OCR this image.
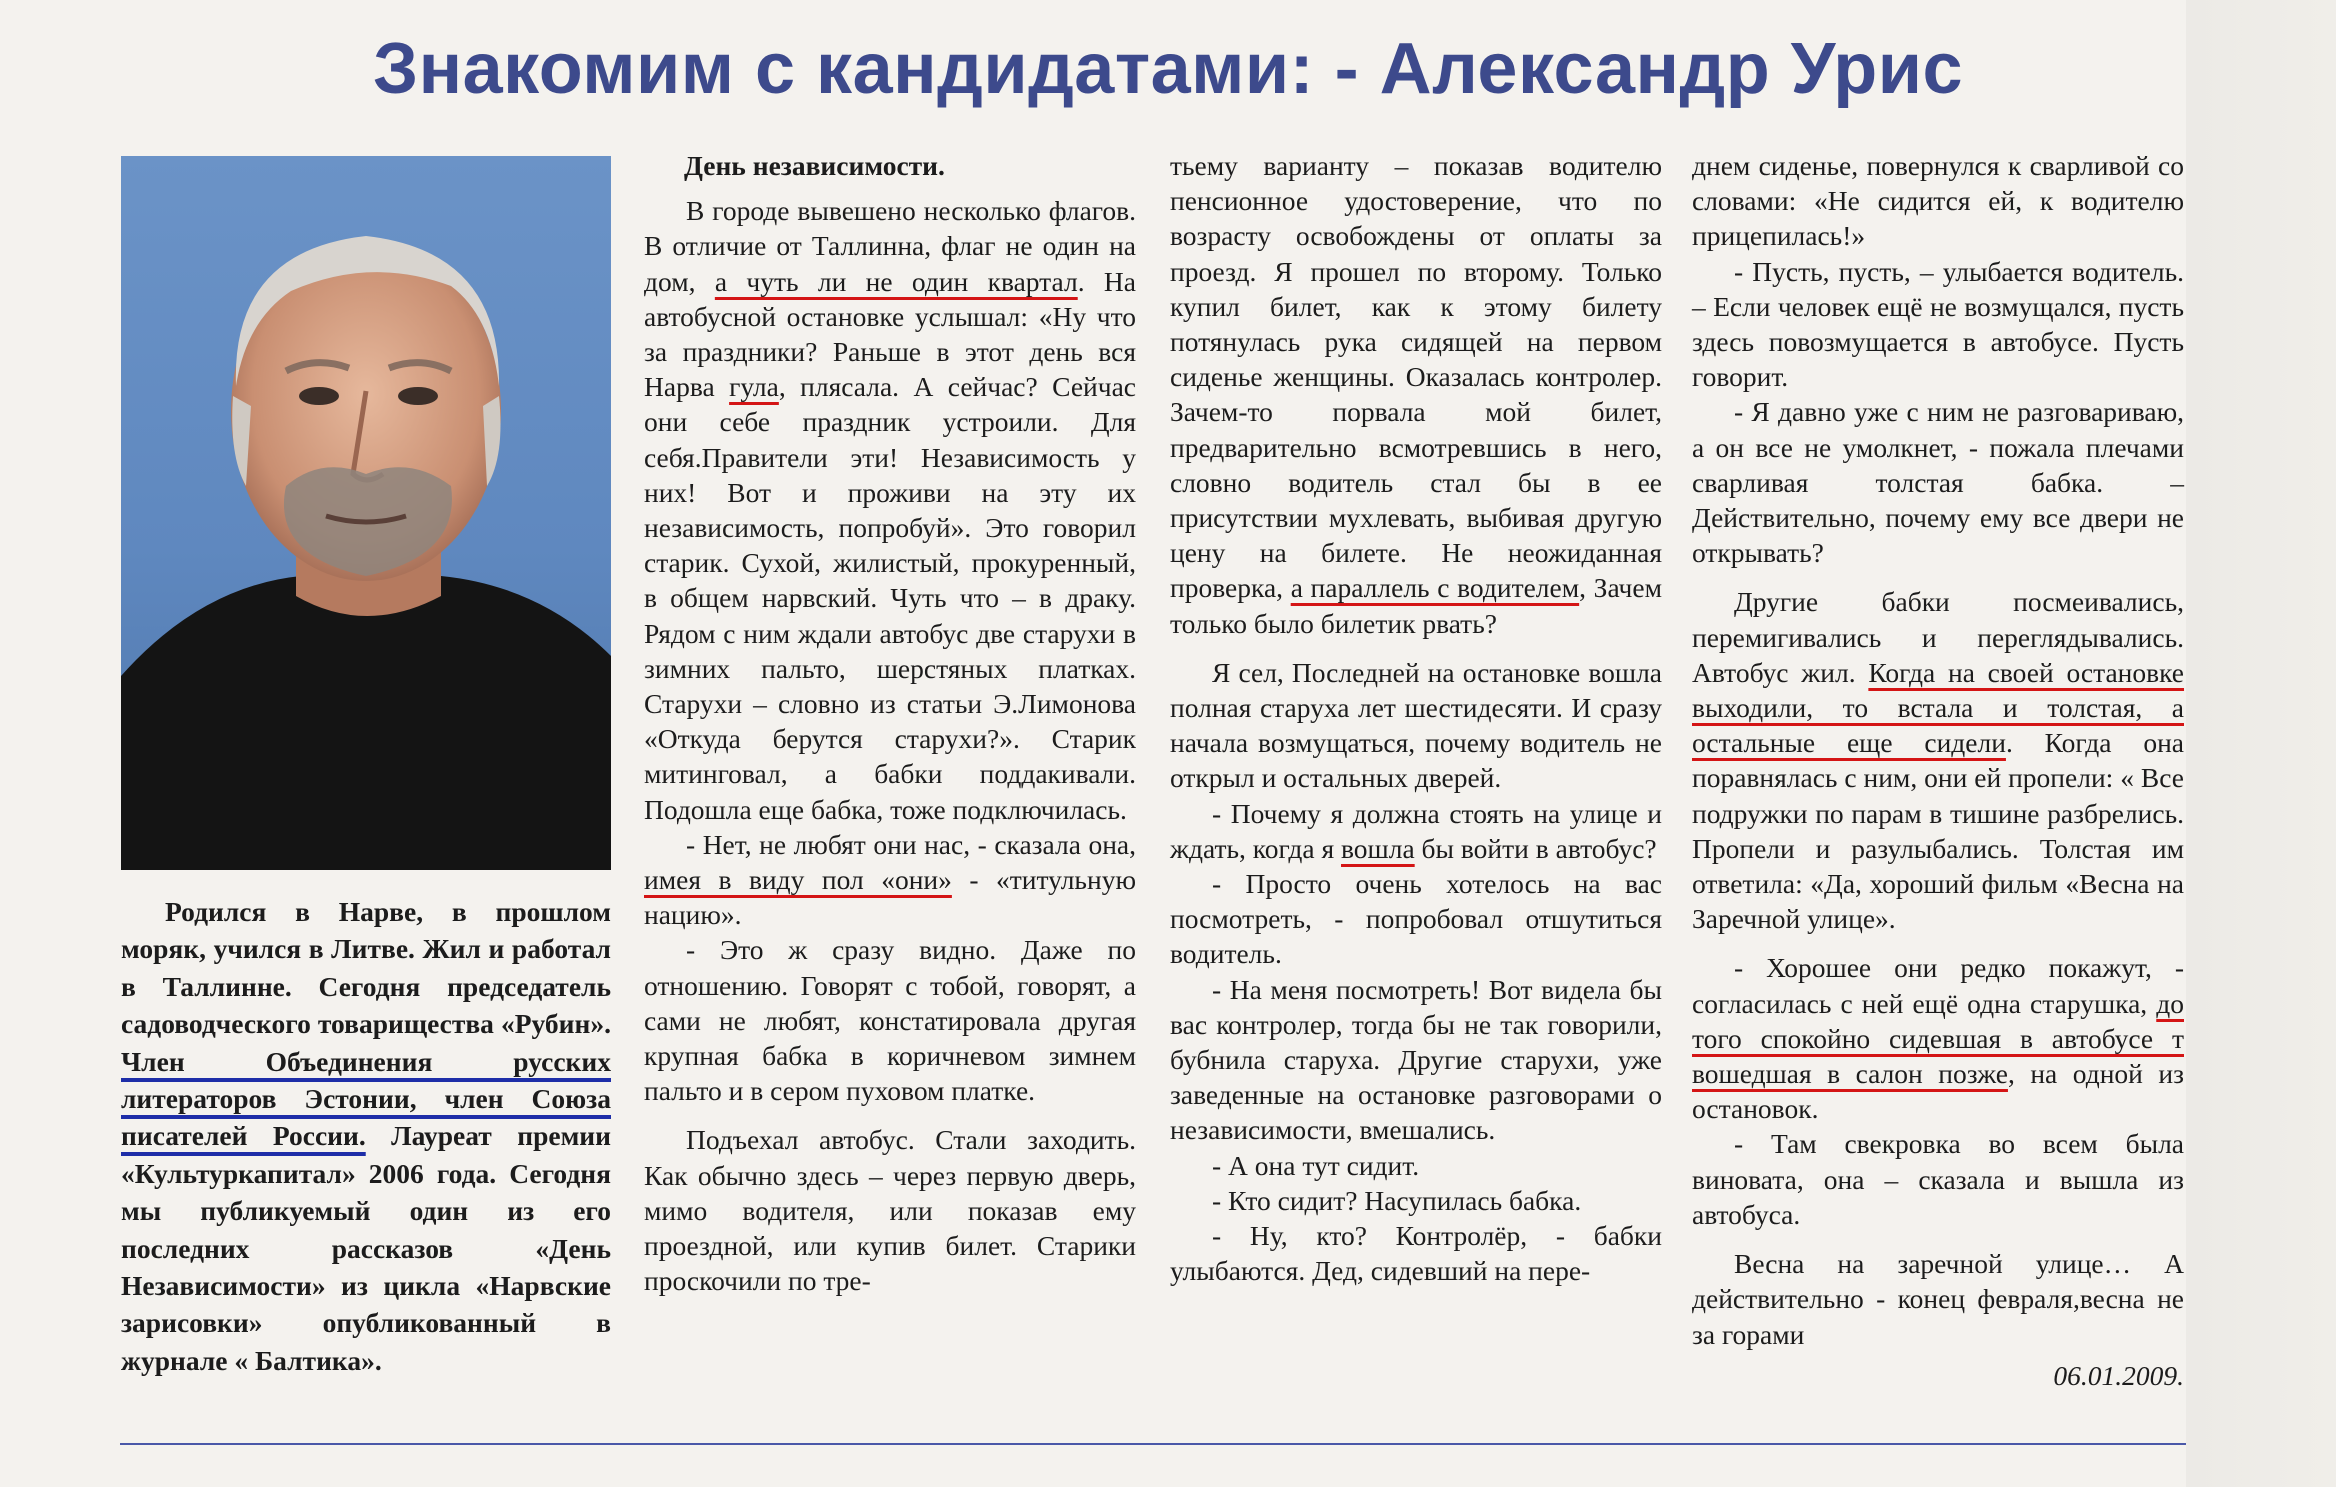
Знакомим с кандидатами: - Александр Урис

Родился в Нарве, в прошлом моряк, учился в Литве. Жил и работал в Таллинне. Сегодня председатель садоводческого товарищества «Рубин». Член Объединения русских литераторов Эстонии, член Союза писателей России. Лауреат премии «Культуркапитал» 2006 года. Сегодня мы публикуемый один из его последних рассказов «День Независимости» из цикла «Нарвские зарисовки» опубликованный в журнале « Балтика».

День независимости.

В городе вывешено несколько флагов. В отличие от Таллинна, флаг не один на дом, а чуть ли не один квартал. На автобусной остановке услышал: «Ну что за праздники? Раньше в этот день вся Нарва гула, плясала. А сейчас? Сейчас они себе праздник устроили. Для себя.Правители эти! Независимость у них! Вот и проживи на эту их независимость, попробуй». Это говорил старик. Сухой, жилистый, прокуренный, в общем нарвский. Чуть что – в драку. Рядом с ним ждали автобус две старухи в зимних пальто, шерстяных платках. Старухи – словно из статьи Э.Лимонова «Откуда берутся старухи?». Старик митинговал, а бабки поддакивали. Подошла еще бабка, тоже подключилась.

- Нет, не любят они нас, - сказала она, имея в виду пол «они» - «титульную нацию».

- Это ж сразу видно. Даже по отношению. Говорят с тобой, говорят, а сами не любят, констатировала другая крупная бабка в коричневом зимнем пальто и в сером пуховом платке.

Подъехал автобус. Стали заходить. Как обычно здесь – через первую дверь, мимо водителя, или показав ему проездной, или купив билет. Старики проскочили по тре-

тьему варианту – показав водителю пенсионное удостоверение, что по возрасту освобождены от оплаты за проезд. Я прошел по второму. Только купил билет, как к этому билету потянулась рука сидящей на первом сиденье женщины. Оказалась контролер. Зачем-то порвала мой билет, предварительно всмотревшись в него, словно водитель стал бы в ее присутствии мухлевать, выбивая другую цену на билете. Не неожиданная проверка, а параллель с водителем, Зачем только было билетик рвать?

Я сел, Последней на остановке вошла полная старуха лет шестидесяти. И сразу начала возмущаться, почему водитель не открыл и остальных дверей.

- Почему я должна стоять на улице и ждать, когда я вошла бы войти в автобус?

- Просто очень хотелось на вас посмотреть, - попробовал отшутиться водитель.

- На меня посмотреть! Вот видела бы вас контролер, тогда бы не так говорили, бубнила старуха. Другие старухи, уже заведенные на остановке разговорами о независимости, вмешались.

- А она тут сидит.

- Кто сидит? Насупилась бабка.

- Ну, кто? Контролёр, - бабки улыбаются. Дед, сидевший на пере-

днем сиденье, повернулся к сварливой со словами: «Не сидится ей, к водителю прицепилась!»

- Пусть, пусть, – улыбается водитель. – Если человек ещё не возмущался, пусть здесь повозмущается в автобусе. Пусть говорит.

- Я давно уже с ним не разговариваю, а он все не умолкнет, - пожала плечами сварливая толстая бабка. – Действительно, почему ему все двери не открывать?

Другие бабки посмеивались, перемигивались и переглядывались. Автобус жил. Когда на своей остановке выходили, то встала и толстая, а остальные еще сидели. Когда она поравнялась с ним, они ей пропели: « Все подружки по парам в тишине разбрелись. Пропели и разулыбались. Толстая им ответила: «Да, хороший фильм «Весна на Заречной улице».

- Хорошее они редко покажут, - согласилась с ней ещё одна старушка, до того спокойно сидевшая в автобусе т вошедшая в салон позже, на одной из остановок.

- Там свекровка во всем была виновата, она – сказала и вышла из автобуса.

Весна на заречной улице… А действительно - конец февраля,весна не за горами

06.01.2009.
